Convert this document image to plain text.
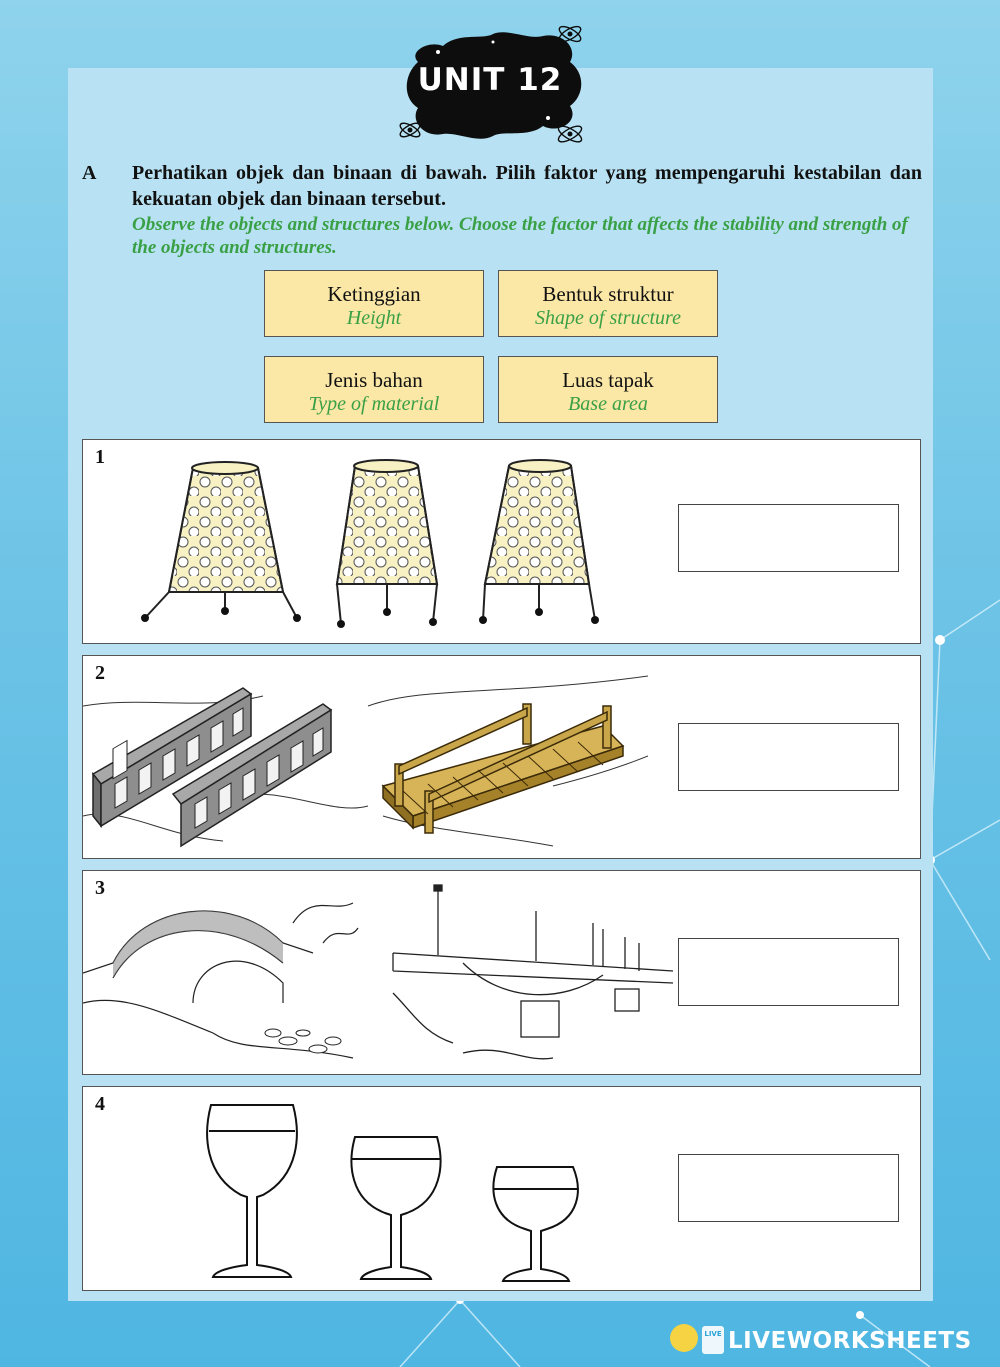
UNIT 12
A Perhatikan objek dan binaan di bawah. Pilih faktor yang mempengaruhi kestabilan dan kekuatan objek dan binaan tersebut.
Observe the objects and structures below. Choose the factor that affects the stability and strength of the objects and structures.
Ketinggian
Height
Bentuk struktur
Shape of structure
Jenis bahan
Type of material
Luas tapak
Base area
1
2
3
4
LIVE LIVEWORKSHEETS
